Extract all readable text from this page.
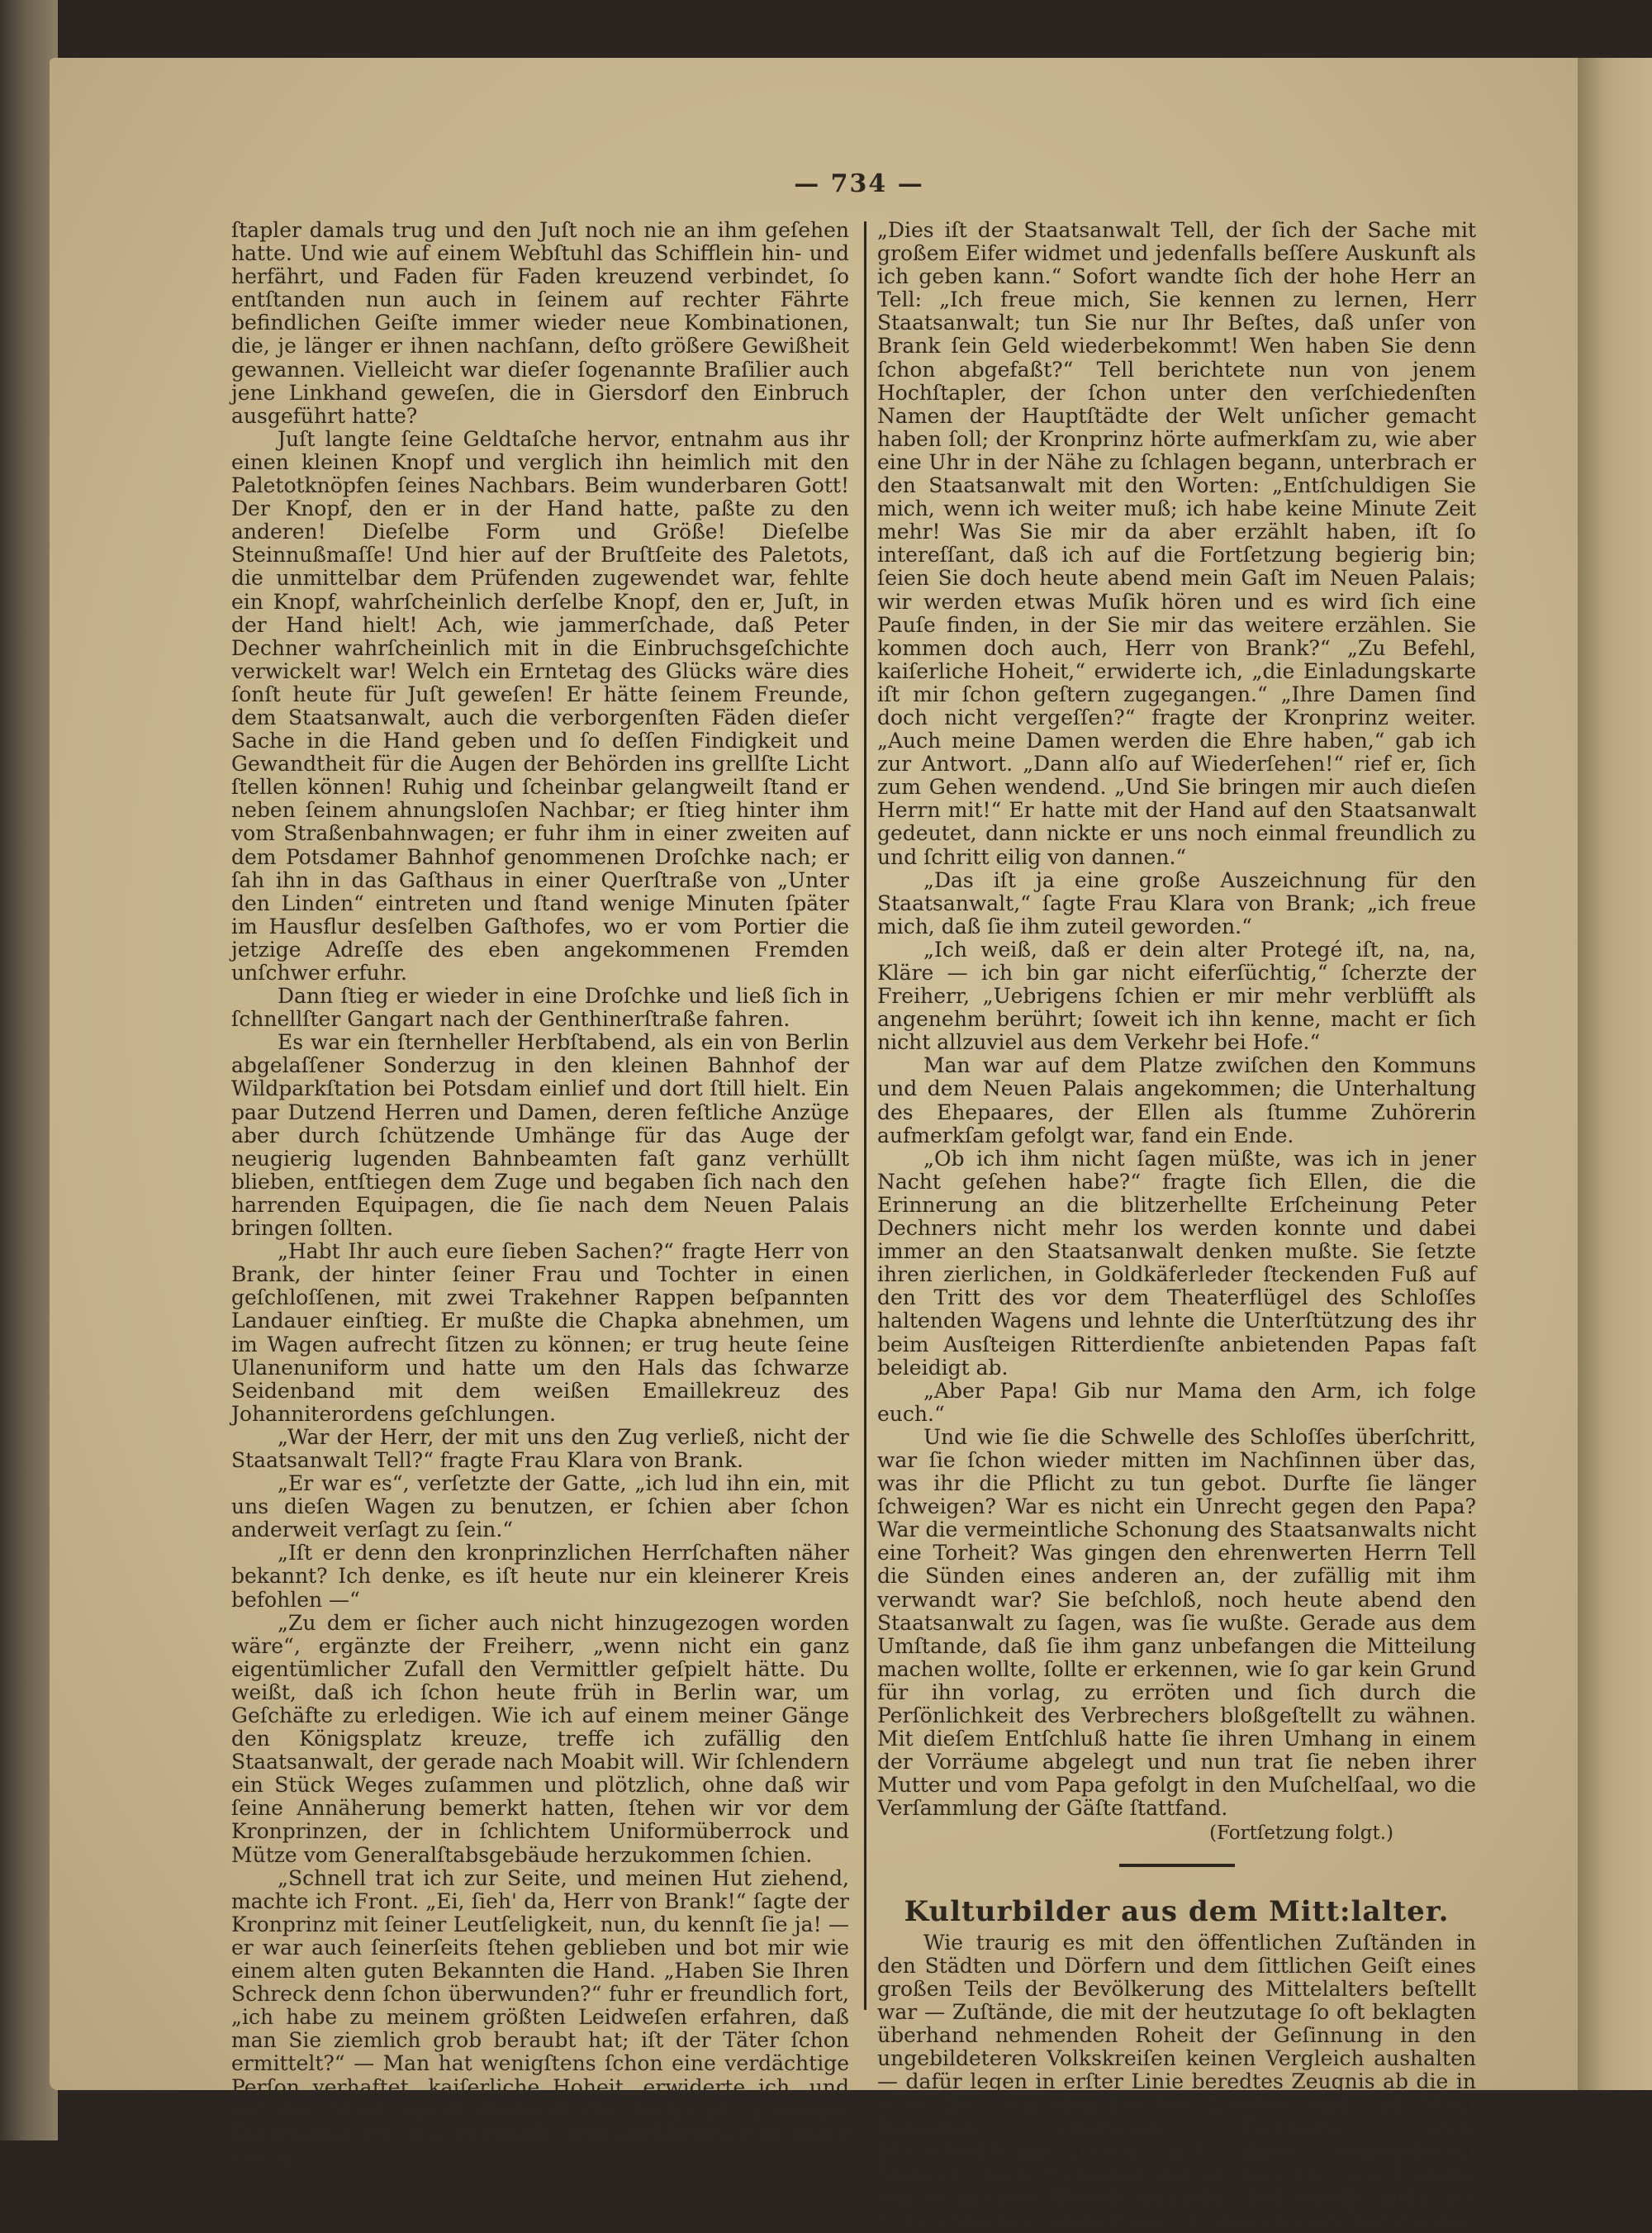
— 734 —

ſtapler damals trug und den Juſt noch nie an ihm geſehen hatte. Und wie auf einem Webſtuhl das Schifflein hin- und herfährt, und Faden für Faden kreuzend verbindet, ſo entſtanden nun auch in ſeinem auf rechter Fährte befindlichen Geiſte immer wieder neue Kombinationen, die, je länger er ihnen nachſann, deſto größere Gewißheit gewannen. Vielleicht war dieſer ſogenannte Braſilier auch jene Linkhand geweſen, die in Giersdorf den Einbruch ausgeführt hatte?

Juſt langte ſeine Geldtaſche hervor, entnahm aus ihr einen kleinen Knopf und verglich ihn heimlich mit den Paletotknöpfen ſeines Nachbars. Beim wunderbaren Gott! Der Knopf, den er in der Hand hatte, paßte zu den anderen! Dieſelbe Form und Größe! Dieſelbe Steinnußmaſſe! Und hier auf der Bruſtſeite des Paletots, die unmittelbar dem Prüfenden zugewendet war, fehlte ein Knopf, wahrſcheinlich derſelbe Knopf, den er, Juſt, in der Hand hielt! Ach, wie jammerſchade, daß Peter Dechner wahrſcheinlich mit in die Einbruchsgeſchichte verwickelt war! Welch ein Erntetag des Glücks wäre dies ſonſt heute für Juſt geweſen! Er hätte ſeinem Freunde, dem Staatsanwalt, auch die verborgenſten Fäden dieſer Sache in die Hand geben und ſo deſſen Findigkeit und Gewandtheit für die Augen der Behörden ins grellſte Licht ſtellen können! Ruhig und ſcheinbar gelangweilt ſtand er neben ſeinem ahnungsloſen Nachbar; er ſtieg hinter ihm vom Straßenbahnwagen; er fuhr ihm in einer zweiten auf dem Potsdamer Bahnhof genommenen Droſchke nach; er ſah ihn in das Gaſthaus in einer Querſtraße von „Unter den Linden“ eintreten und ſtand wenige Minuten ſpäter im Hausflur desſelben Gaſthofes, wo er vom Portier die jetzige Adreſſe des eben angekommenen Fremden unſchwer erfuhr.

Dann ſtieg er wieder in eine Droſchke und ließ ſich in ſchnellſter Gangart nach der Genthinerſtraße fahren.

Es war ein ſternheller Herbſtabend, als ein von Berlin abgelaſſener Sonderzug in den kleinen Bahnhof der Wildparkſtation bei Potsdam einlief und dort ſtill hielt. Ein paar Dutzend Herren und Damen, deren feſtliche Anzüge aber durch ſchützende Umhänge für das Auge der neugierig lugenden Bahnbeamten faſt ganz verhüllt blieben, entſtiegen dem Zuge und begaben ſich nach den harrenden Equipagen, die ſie nach dem Neuen Palais bringen ſollten.

„Habt Ihr auch eure ſieben Sachen?“ fragte Herr von Brank, der hinter ſeiner Frau und Tochter in einen geſchloſſenen, mit zwei Trakehner Rappen beſpannten Landauer einſtieg. Er mußte die Chapka abnehmen, um im Wagen aufrecht ſitzen zu können; er trug heute ſeine Ulanenuniform und hatte um den Hals das ſchwarze Seidenband mit dem weißen Emaillekreuz des Johanniterordens geſchlungen.

„War der Herr, der mit uns den Zug verließ, nicht der Staatsanwalt Tell?“ fragte Frau Klara von Brank.

„Er war es“, verſetzte der Gatte, „ich lud ihn ein, mit uns dieſen Wagen zu benutzen, er ſchien aber ſchon anderweit verſagt zu ſein.“

„Iſt er denn den kronprinzlichen Herrſchaften näher bekannt? Ich denke, es iſt heute nur ein kleinerer Kreis befohlen —“

„Zu dem er ſicher auch nicht hinzugezogen worden wäre“, ergänzte der Freiherr, „wenn nicht ein ganz eigentümlicher Zufall den Vermittler geſpielt hätte. Du weißt, daß ich ſchon heute früh in Berlin war, um Geſchäfte zu erledigen. Wie ich auf einem meiner Gänge den Königsplatz kreuze, treffe ich zufällig den Staatsanwalt, der gerade nach Moabit will. Wir ſchlendern ein Stück Weges zuſammen und plötzlich, ohne daß wir ſeine Annäherung bemerkt hatten, ſtehen wir vor dem Kronprinzen, der in ſchlichtem Uniformüberrock und Mütze vom Generalſtabsgebäude herzukommen ſchien.

„Schnell trat ich zur Seite, und meinen Hut ziehend, machte ich Front. „Ei, ſieh' da, Herr von Brank!“ ſagte der Kronprinz mit ſeiner Leutſeligkeit, nun, du kennſt ſie ja! — er war auch ſeinerſeits ſtehen geblieben und bot mir wie einem alten guten Bekannten die Hand. „Haben Sie Ihren Schreck denn ſchon überwunden?“ fuhr er freundlich fort, „ich habe zu meinem größten Leidweſen erfahren, daß man Sie ziemlich grob beraubt hat; iſt der Täter ſchon ermittelt?“ — Man hat wenigſtens ſchon eine verdächtige Perſon verhaftet, kaiſerliche Hoheit, erwiderte ich, und auf den Staatsanwalt deutend, der barhaupt in einiger Entfernung von uns ebenfalls ſtehengeblieben war, fügte hinzu:

„Dies iſt der Staatsanwalt Tell, der ſich der Sache mit großem Eifer widmet und jedenfalls beſſere Auskunft als ich geben kann.“ Sofort wandte ſich der hohe Herr an Tell: „Ich freue mich, Sie kennen zu lernen, Herr Staatsanwalt; tun Sie nur Ihr Beſtes, daß unſer von Brank ſein Geld wiederbekommt! Wen haben Sie denn ſchon abgefaßt?“ Tell berichtete nun von jenem Hochſtapler, der ſchon unter den verſchiedenſten Namen der Hauptſtädte der Welt unſicher gemacht haben ſoll; der Kronprinz hörte aufmerkſam zu, wie aber eine Uhr in der Nähe zu ſchlagen begann, unterbrach er den Staatsanwalt mit den Worten: „Entſchuldigen Sie mich, wenn ich weiter muß; ich habe keine Minute Zeit mehr! Was Sie mir da aber erzählt haben, iſt ſo intereſſant, daß ich auf die Fortſetzung begierig bin; ſeien Sie doch heute abend mein Gaſt im Neuen Palais; wir werden etwas Muſik hören und es wird ſich eine Pauſe finden, in der Sie mir das weitere erzählen. Sie kommen doch auch, Herr von Brank?“ „Zu Befehl, kaiſerliche Hoheit,“ erwiderte ich, „die Einladungskarte iſt mir ſchon geſtern zugegangen.“ „Ihre Damen ſind doch nicht vergeſſen?“ fragte der Kronprinz weiter. „Auch meine Damen werden die Ehre haben,“ gab ich zur Antwort. „Dann alſo auf Wiederſehen!“ rief er, ſich zum Gehen wendend. „Und Sie bringen mir auch dieſen Herrn mit!“ Er hatte mit der Hand auf den Staatsanwalt gedeutet, dann nickte er uns noch einmal freundlich zu und ſchritt eilig von dannen.“

„Das iſt ja eine große Auszeichnung für den Staatsanwalt,“ ſagte Frau Klara von Brank; „ich freue mich, daß ſie ihm zuteil geworden.“

„Ich weiß, daß er dein alter Protegé iſt, na, na, Kläre — ich bin gar nicht eiferſüchtig,“ ſcherzte der Freiherr, „Uebrigens ſchien er mir mehr verblüfft als angenehm berührt; ſoweit ich ihn kenne, macht er ſich nicht allzuviel aus dem Verkehr bei Hofe.“

Man war auf dem Platze zwiſchen den Kommuns und dem Neuen Palais angekommen; die Unterhaltung des Ehepaares, der Ellen als ſtumme Zuhörerin aufmerkſam gefolgt war, fand ein Ende.

„Ob ich ihm nicht ſagen müßte, was ich in jener Nacht geſehen habe?“ fragte ſich Ellen, die die Erinnerung an die blitzerhellte Erſcheinung Peter Dechners nicht mehr los werden konnte und dabei immer an den Staatsanwalt denken mußte. Sie ſetzte ihren zierlichen, in Goldkäferleder ſteckenden Fuß auf den Tritt des vor dem Theaterflügel des Schloſſes haltenden Wagens und lehnte die Unterſtützung des ihr beim Ausſteigen Ritterdienſte anbietenden Papas faſt beleidigt ab.

„Aber Papa! Gib nur Mama den Arm, ich folge euch.“

Und wie ſie die Schwelle des Schloſſes überſchritt, war ſie ſchon wieder mitten im Nachſinnen über das, was ihr die Pflicht zu tun gebot. Durfte ſie länger ſchweigen? War es nicht ein Unrecht gegen den Papa? War die vermeintliche Schonung des Staatsanwalts nicht eine Torheit? Was gingen den ehrenwerten Herrn Tell die Sünden eines anderen an, der zufällig mit ihm verwandt war? Sie beſchloß, noch heute abend den Staatsanwalt zu ſagen, was ſie wußte. Gerade aus dem Umſtande, daß ſie ihm ganz unbefangen die Mitteilung machen wollte, ſollte er erkennen, wie ſo gar kein Grund für ihn vorlag, zu erröten und ſich durch die Perſönlichkeit des Verbrechers bloßgeſtellt zu wähnen. Mit dieſem Entſchluß hatte ſie ihren Umhang in einem der Vorräume abgelegt und nun trat ſie neben ihrer Mutter und vom Papa gefolgt in den Muſchelſaal, wo die Verſammlung der Gäſte ſtattfand.

(Fortſetzung folgt.)

Kulturbilder aus dem Mitt:lalter.

Wie traurig es mit den öffentlichen Zuſtänden in den Städten und Dörfern und dem ſittlichen Geiſt eines großen Teils der Bevölkerung des Mittelalters beſtellt war — Zuſtände, die mit der heutzutage ſo oft beklagten überhand nehmenden Roheit der Geſinnung in den ungebildeteren Volkskreiſen keinen Vergleich aushalten — dafür legen in erſter Linie beredtes Zeugnis ab die in jener Zeit von den Fürſten, Landes- und ſtädtiſchen Behörden erlaſſenen Verbote und Strafbeſtimmungen mit ihren beigegebenen Motiven. Auch im Gebiet der althesſiſchen Lande war es in dieſer Beziehung recht übel beſtellt; nicht nur in den Städten, ſondern auch in den kleinen Dörfern war
